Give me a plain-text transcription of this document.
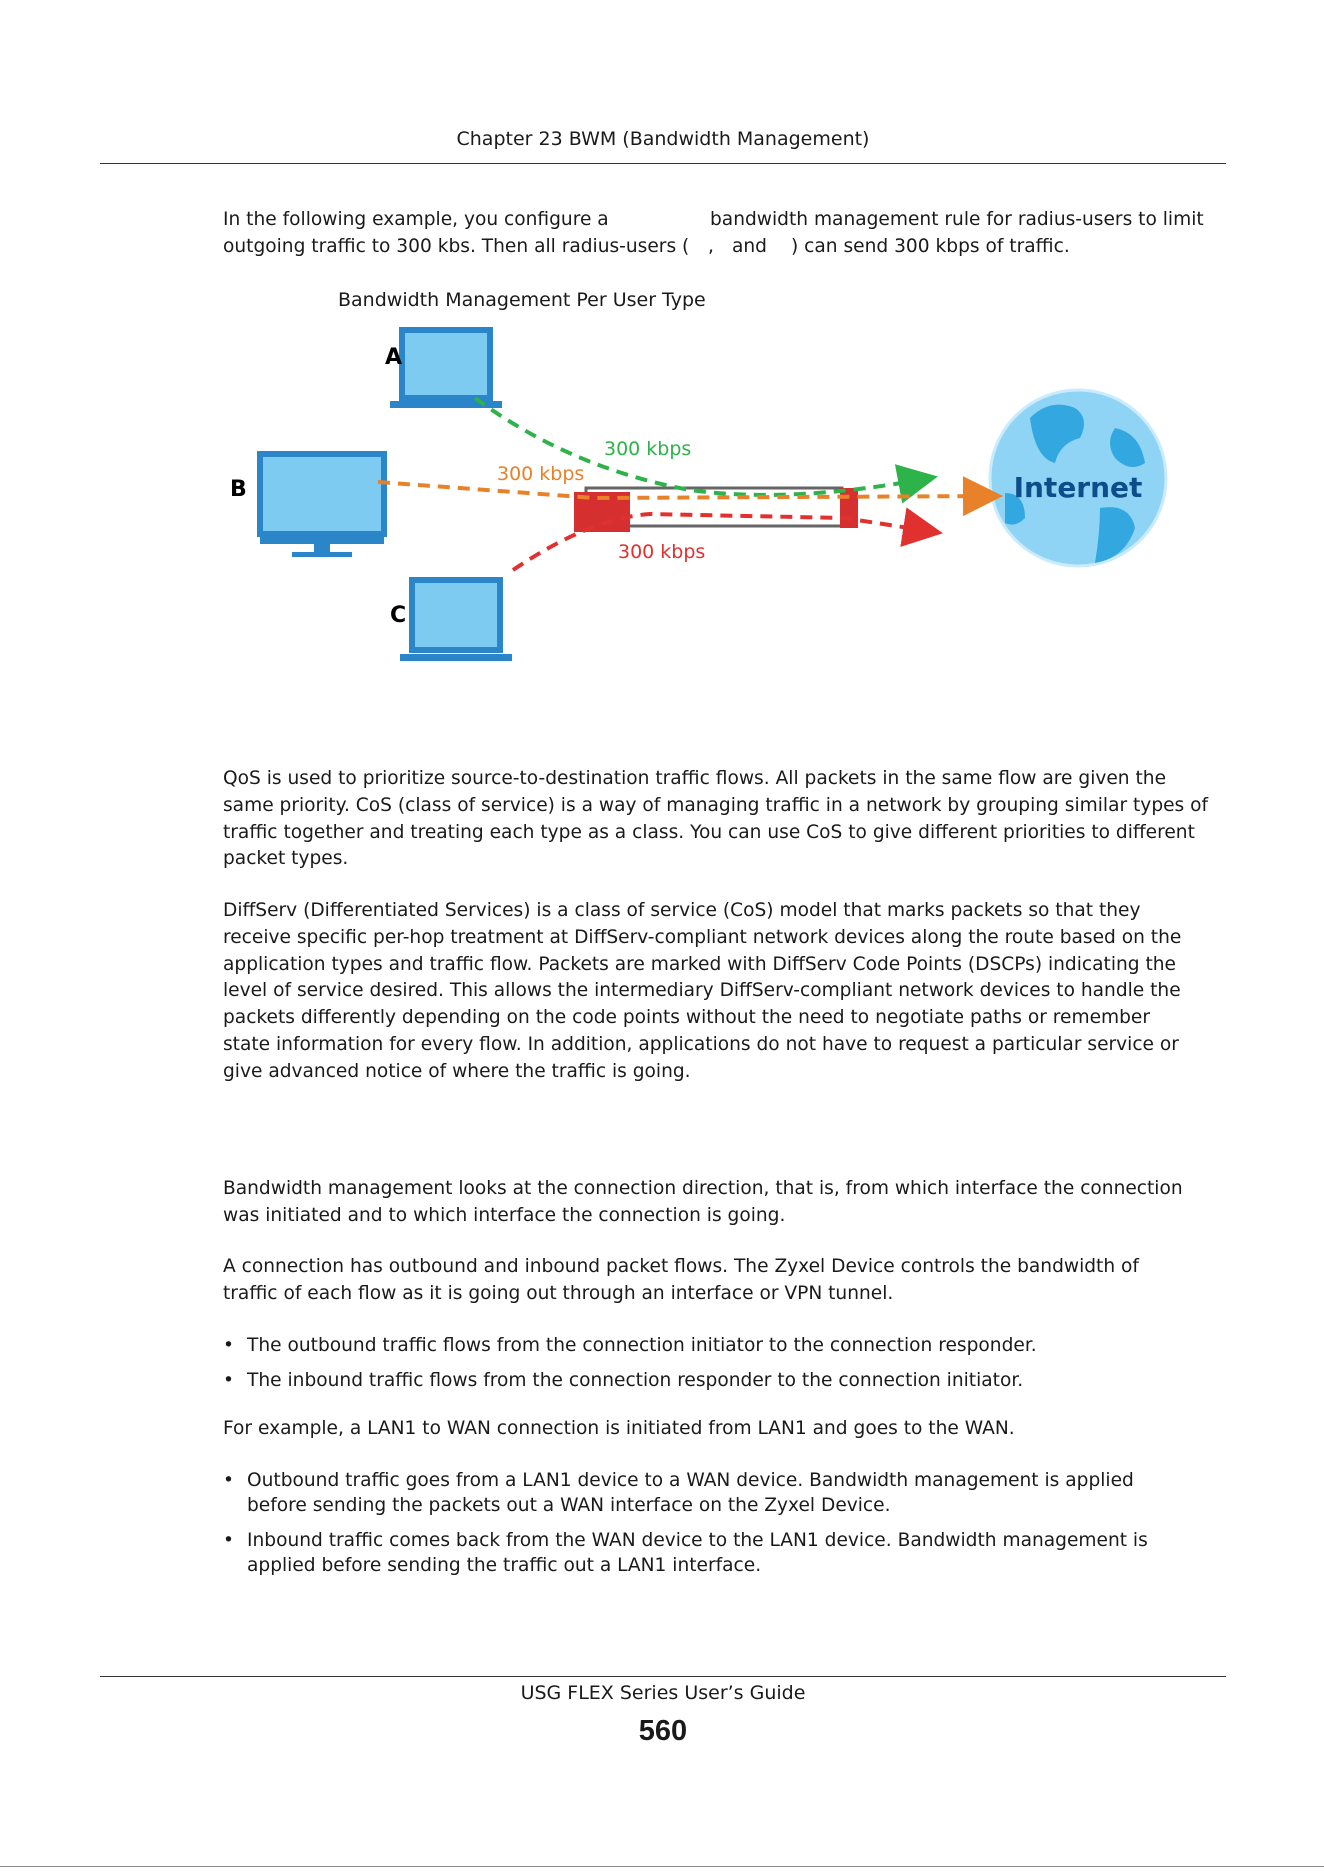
Chapter 23 BWM (Bandwidth Management)
In the following example, you configure a	bandwidth management rule for radius-users to limit
outgoing traffic to 300 kbs. Then all radius-users ( , and ) can send 300 kbps of traffic.
Bandwidth Management Per User Type
Internet
A
B
C
300 kbps
300 kbps
300 kbps
QoS is used to prioritize source-to-destination traffic flows. All packets in the same flow are given the
same priority. CoS (class of service) is a way of managing traffic in a network by grouping similar types of
traffic together and treating each type as a class. You can use CoS to give different priorities to different
packet types.
DiffServ (Differentiated Services) is a class of service (CoS) model that marks packets so that they
receive specific per-hop treatment at DiffServ-compliant network devices along the route based on the
application types and traffic flow. Packets are marked with DiffServ Code Points (DSCPs) indicating the
level of service desired. This allows the intermediary DiffServ-compliant network devices to handle the
packets differently depending on the code points without the need to negotiate paths or remember
state information for every flow. In addition, applications do not have to request a particular service or
give advanced notice of where the traffic is going.
Bandwidth management looks at the connection direction, that is, from which interface the connection
was initiated and to which interface the connection is going.
A connection has outbound and inbound packet flows. The Zyxel Device controls the bandwidth of
traffic of each flow as it is going out through an interface or VPN tunnel.
• The outbound traffic flows from the connection initiator to the connection responder.
• The inbound traffic flows from the connection responder to the connection initiator.
For example, a LAN1 to WAN connection is initiated from LAN1 and goes to the WAN.
• Outbound traffic goes from a LAN1 device to a WAN device. Bandwidth management is applied
before sending the packets out a WAN interface on the Zyxel Device.
• Inbound traffic comes back from the WAN device to the LAN1 device. Bandwidth management is
applied before sending the traffic out a LAN1 interface.
USG FLEX Series User’s Guide
560
